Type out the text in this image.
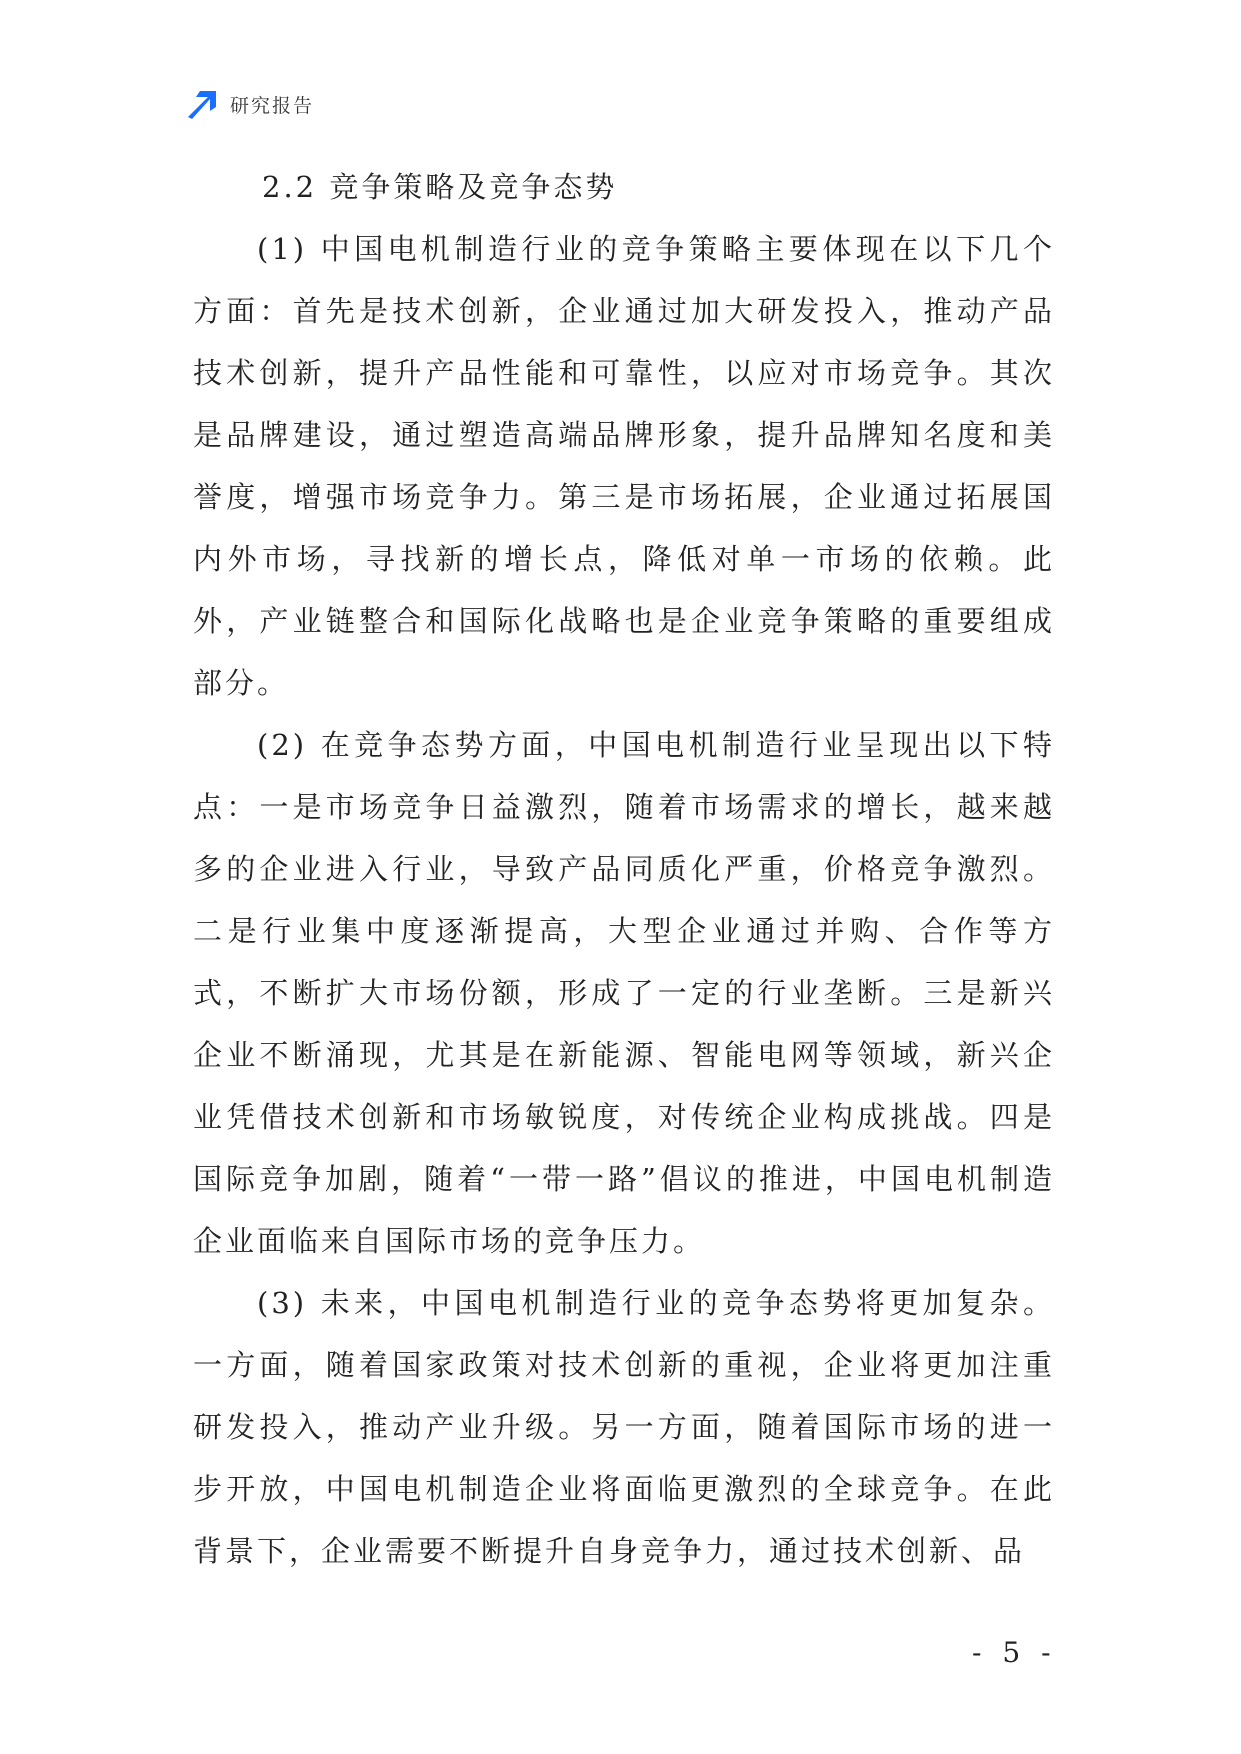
研究报告
2.2 竞争策略及竞争态势

(1) 中国电机制造行业的竞争策略主要体现在以下几个方面：首先是技术创新，企业通过加大研发投入，推动产品技术创新，提升产品性能和可靠性，以应对市场竞争。其次是品牌建设，通过塑造高端品牌形象，提升品牌知名度和美誉度，增强市场竞争力。第三是市场拓展，企业通过拓展国内外市场，寻找新的增长点，降低对单一市场的依赖。此外，产业链整合和国际化战略也是企业竞争策略的重要组成部分。

(2) 在竞争态势方面，中国电机制造行业呈现出以下特点：一是市场竞争日益激烈，随着市场需求的增长，越来越多的企业进入行业，导致产品同质化严重，价格竞争激烈。二是行业集中度逐渐提高，大型企业通过并购、合作等方式，不断扩大市场份额，形成了一定的行业垄断。三是新兴企业不断涌现，尤其是在新能源、智能电网等领域，新兴企业凭借技术创新和市场敏锐度，对传统企业构成挑战。四是国际竞争加剧，随着“一带一路”倡议的推进，中国电机制造企业面临来自国际市场的竞争压力。

(3) 未来，中国电机制造行业的竞争态势将更加复杂。一方面，随着国家政策对技术创新的重视，企业将更加注重研发投入，推动产业升级。另一方面，随着国际市场的进一步开放，中国电机制造企业将面临更激烈的全球竞争。在此背景下，企业需要不断提升自身竞争力，通过技术创新、品

- 5 -
